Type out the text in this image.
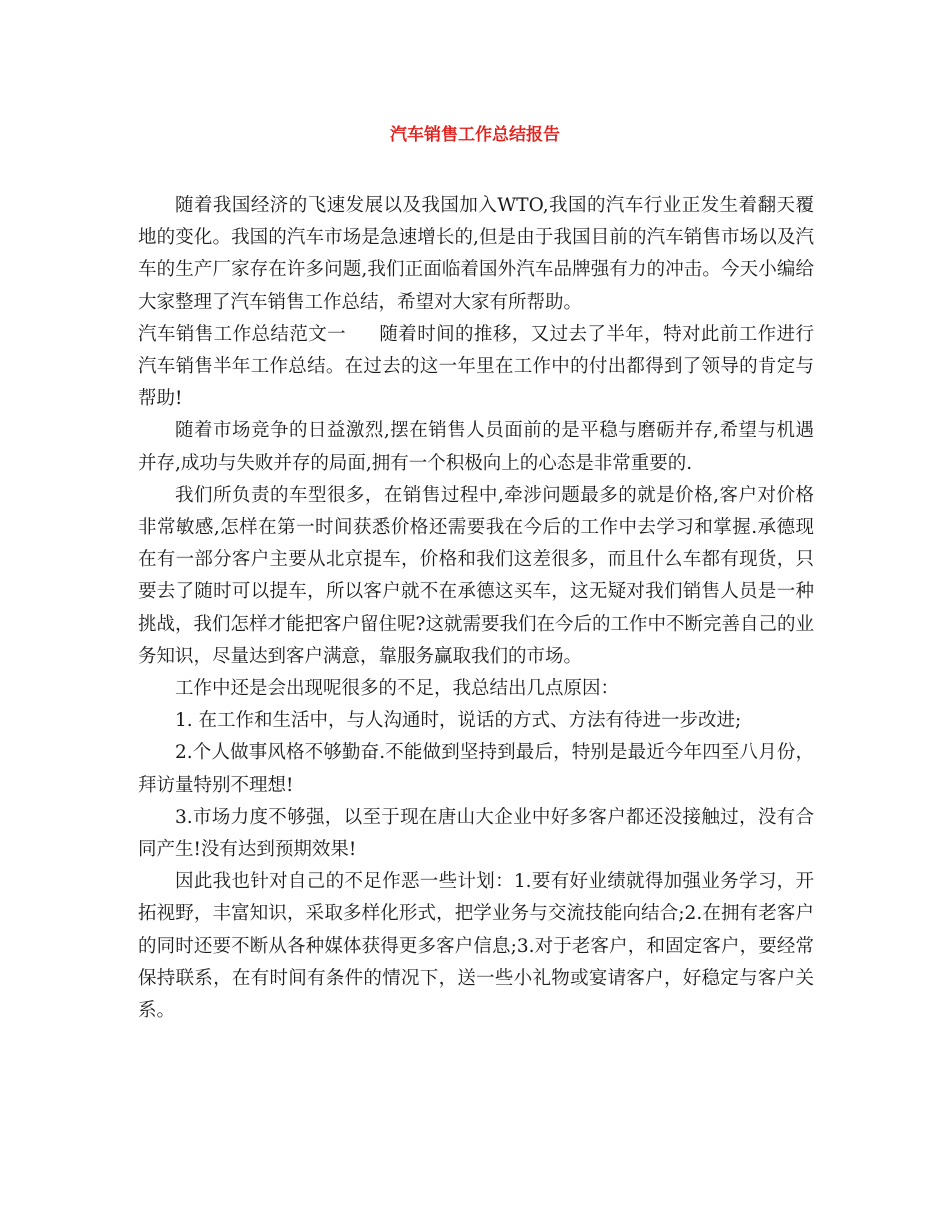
汽车销售工作总结报告

随着我国经济的飞速发展以及我国加入WTO,我国的汽车行业正发生着翻天覆地的变化。我国的汽车市场是急速增长的,但是由于我国目前的汽车销售市场以及汽车的生产厂家存在许多问题,我们正面临着国外汽车品牌强有力的冲击。今天小编给大家整理了汽车销售工作总结，希望对大家有所帮助。

汽车销售工作总结范文一 随着时间的推移，又过去了半年，特对此前工作进行汽车销售半年工作总结。在过去的这一年里在工作中的付出都得到了领导的肯定与帮助!

随着市场竞争的日益激烈,摆在销售人员面前的是平稳与磨砺并存,希望与机遇并存,成功与失败并存的局面,拥有一个积极向上的心态是非常重要的.

我们所负责的车型很多，在销售过程中,牵涉问题最多的就是价格,客户对价格非常敏感,怎样在第一时间获悉价格还需要我在今后的工作中去学习和掌握.承德现在有一部分客户主要从北京提车，价格和我们这差很多，而且什么车都有现货，只要去了随时可以提车，所以客户就不在承德这买车，这无疑对我们销售人员是一种挑战，我们怎样才能把客户留住呢?这就需要我们在今后的工作中不断完善自己的业务知识，尽量达到客户满意，靠服务赢取我们的市场。

工作中还是会出现呢很多的不足，我总结出几点原因：

1. 在工作和生活中，与人沟通时，说话的方式、方法有待进一步改进;

2.个人做事风格不够勤奋.不能做到坚持到最后，特别是最近今年四至八月份，拜访量特别不理想!

3.市场力度不够强，以至于现在唐山大企业中好多客户都还没接触过，没有合同产生!没有达到预期效果!

因此我也针对自己的不足作恶一些计划：1.要有好业绩就得加强业务学习，开拓视野，丰富知识，采取多样化形式，把学业务与交流技能向结合;2.在拥有老客户的同时还要不断从各种媒体获得更多客户信息;3.对于老客户，和固定客户，要经常保持联系，在有时间有条件的情况下，送一些小礼物或宴请客户，好稳定与客户关系。
